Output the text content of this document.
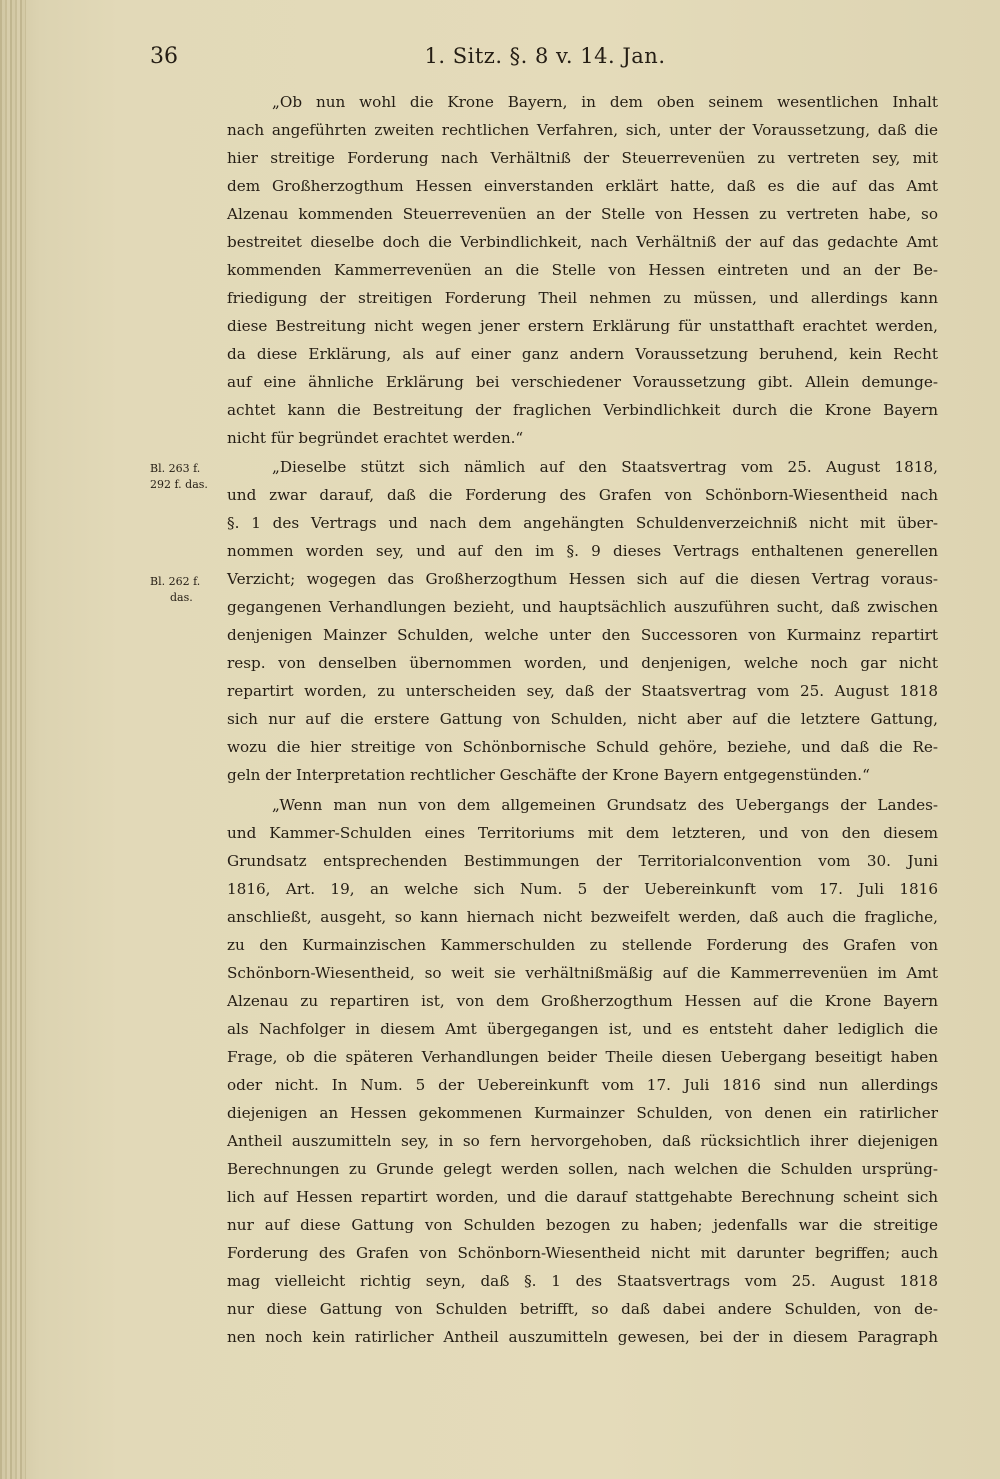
36	1. Sitz. §. 8 v. 14. Jan.
Bl. 263 f.
292 f. das.
Bl. 262 f.
das.
„Ob nun wohl die Krone Bayern, in dem oben seinem wesentlichen Inhalt
nach angeführten zweiten rechtlichen Verfahren, sich, unter der Voraussetzung, daß die
hier streitige Forderung nach Verhältniß der Steuerrevenüen zu vertreten sey, mit
dem Großherzogthum Hessen einverstanden erklärt hatte, daß es die auf das Amt
Alzenau kommenden Steuerrevenüen an der Stelle von Hessen zu vertreten habe, so
bestreitet dieselbe doch die Verbindlichkeit, nach Verhältniß der auf das gedachte Amt
kommenden Kammerrevenüen an die Stelle von Hessen eintreten und an der Be-
friedigung der streitigen Forderung Theil nehmen zu müssen, und allerdings kann
diese Bestreitung nicht wegen jener erstern Erklärung für unstatthaft erachtet werden,
da diese Erklärung, als auf einer ganz andern Voraussetzung beruhend, kein Recht
auf eine ähnliche Erklärung bei verschiedener Voraussetzung gibt. Allein demunge-
achtet kann die Bestreitung der fraglichen Verbindlichkeit durch die Krone Bayern
nicht für begründet erachtet werden.“
„Dieselbe stützt sich nämlich auf den Staatsvertrag vom 25. August 1818,
und zwar darauf, daß die Forderung des Grafen von Schönborn-Wiesentheid nach
§. 1 des Vertrags und nach dem angehängten Schuldenverzeichniß nicht mit über-
nommen worden sey, und auf den im §. 9 dieses Vertrags enthaltenen generellen
Verzicht; wogegen das Großherzogthum Hessen sich auf die diesen Vertrag voraus-
gegangenen Verhandlungen bezieht, und hauptsächlich auszuführen sucht, daß zwischen
denjenigen Mainzer Schulden, welche unter den Successoren von Kurmainz repartirt
resp. von denselben übernommen worden, und denjenigen, welche noch gar nicht
repartirt worden, zu unterscheiden sey, daß der Staatsvertrag vom 25. August 1818
sich nur auf die erstere Gattung von Schulden, nicht aber auf die letztere Gattung,
wozu die hier streitige von Schönbornische Schuld gehöre, beziehe, und daß die Re-
geln der Interpretation rechtlicher Geschäfte der Krone Bayern entgegenstünden.“
„Wenn man nun von dem allgemeinen Grundsatz des Uebergangs der Landes-
und Kammer-Schulden eines Territoriums mit dem letzteren, und von den diesem
Grundsatz entsprechenden Bestimmungen der Territorialconvention vom 30. Juni
1816, Art. 19, an welche sich Num. 5 der Uebereinkunft vom 17. Juli 1816
anschließt, ausgeht, so kann hiernach nicht bezweifelt werden, daß auch die fragliche,
zu den Kurmainzischen Kammerschulden zu stellende Forderung des Grafen von
Schönborn-Wiesentheid, so weit sie verhältnißmäßig auf die Kammerrevenüen im Amt
Alzenau zu repartiren ist, von dem Großherzogthum Hessen auf die Krone Bayern
als Nachfolger in diesem Amt übergegangen ist, und es entsteht daher lediglich die
Frage, ob die späteren Verhandlungen beider Theile diesen Uebergang beseitigt haben
oder nicht. In Num. 5 der Uebereinkunft vom 17. Juli 1816 sind nun allerdings
diejenigen an Hessen gekommenen Kurmainzer Schulden, von denen ein ratirlicher
Antheil auszumitteln sey, in so fern hervorgehoben, daß rücksichtlich ihrer diejenigen
Berechnungen zu Grunde gelegt werden sollen, nach welchen die Schulden ursprüng-
lich auf Hessen repartirt worden, und die darauf stattgehabte Berechnung scheint sich
nur auf diese Gattung von Schulden bezogen zu haben; jedenfalls war die streitige
Forderung des Grafen von Schönborn-Wiesentheid nicht mit darunter begriffen; auch
mag vielleicht richtig seyn, daß §. 1 des Staatsvertrags vom 25. August 1818
nur diese Gattung von Schulden betrifft, so daß dabei andere Schulden, von de-
nen noch kein ratirlicher Antheil auszumitteln gewesen, bei der in diesem Paragraph
